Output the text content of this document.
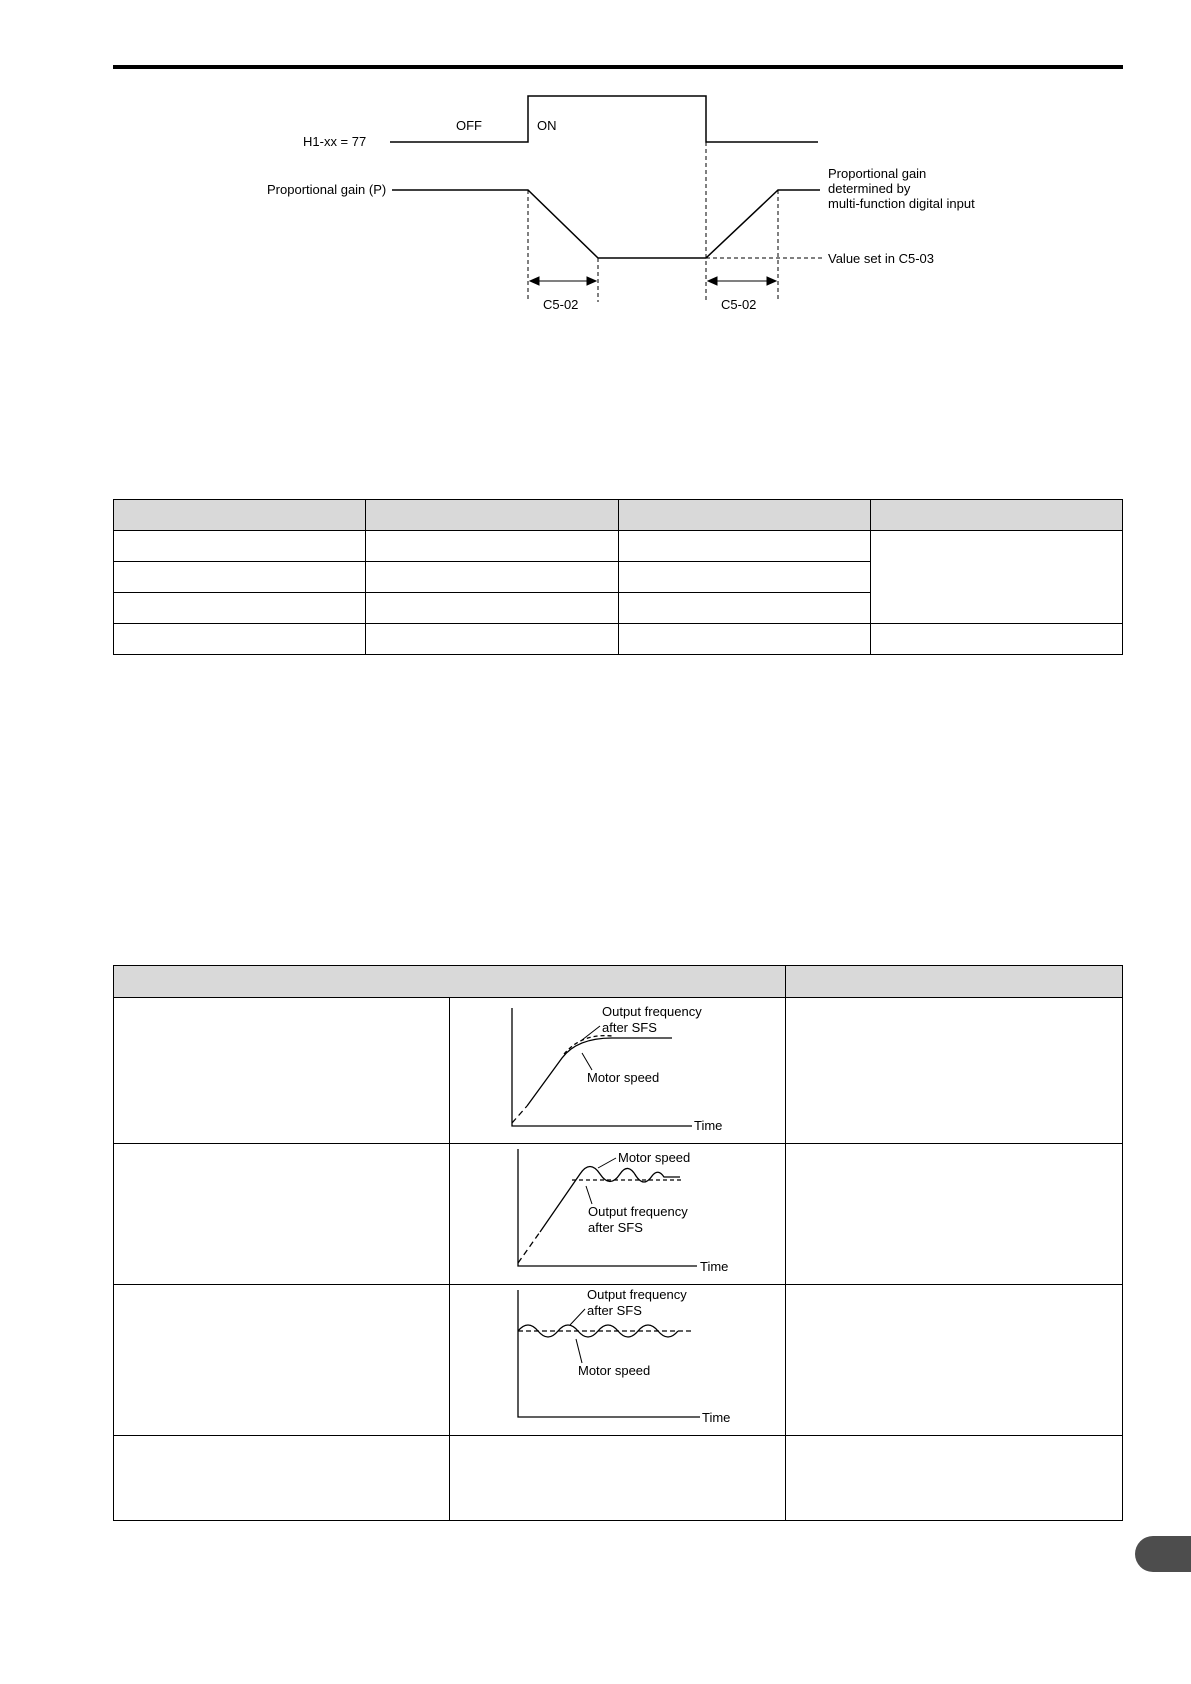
H1-xx = 77
OFF	ON
Proportional gain (P)
Proportional gain
determined by
multi-function digital input
Value set in C5-03
C5-02	C5-02

Output frequency
after SFS
Motor speed
Time	

Motor speed
Output frequency
after SFS
Time	

Output frequency
after SFS
Motor speed
Time	
